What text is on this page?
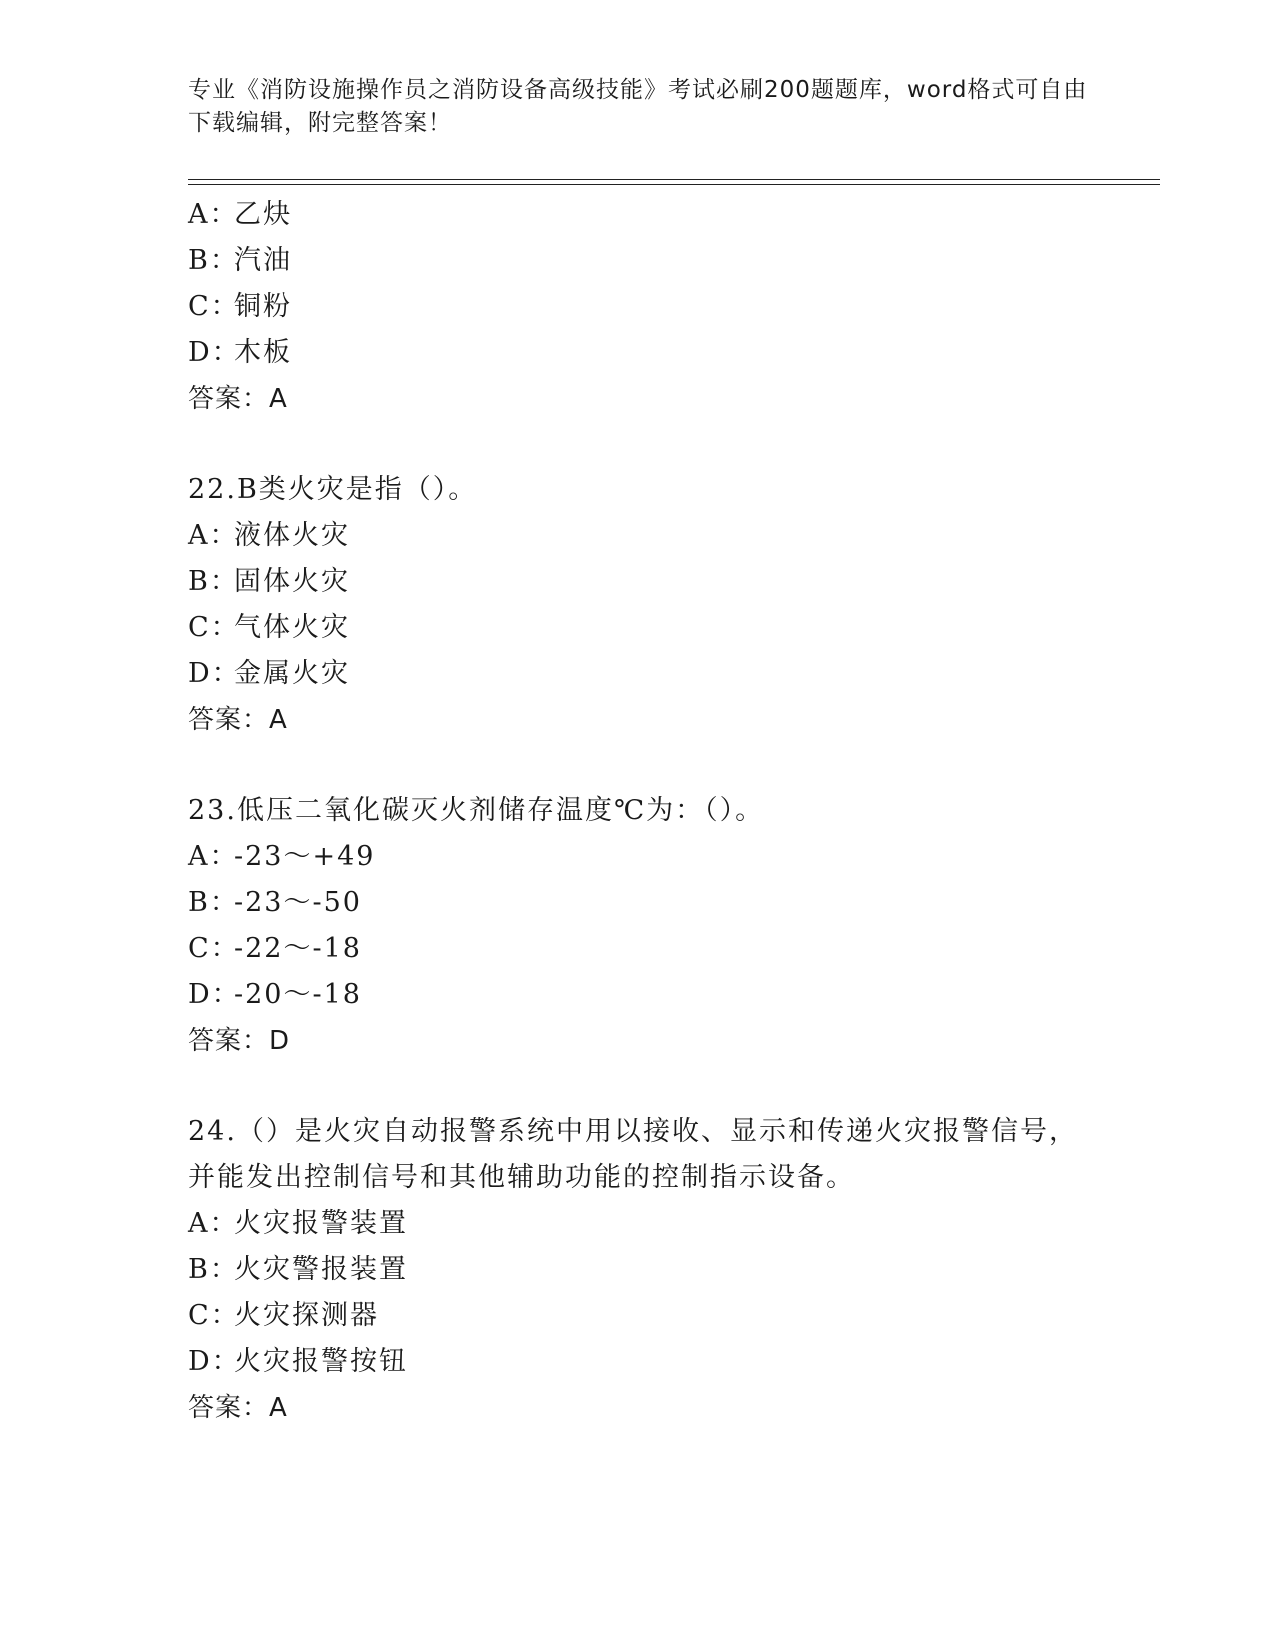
专业《消防设施操作员之消防设备高级技能》考试必刷200题题库，word格式可自由下载编辑，附完整答案！
A：乙炔
B：汽油
C：铜粉
D：木板
答案：A
22.B类火灾是指（）。
A：液体火灾
B：固体火灾
C：气体火灾
D：金属火灾
答案：A
23.低压二氧化碳灭火剂储存温度℃为：（）。
A：-23～+49
B：-23～-50
C：-22～-18
D：-20～-18
答案：D
24.（）是火灾自动报警系统中用以接收、显示和传递火灾报警信号，并能发出控制信号和其他辅助功能的控制指示设备。
A：火灾报警装置
B：火灾警报装置
C：火灾探测器
D：火灾报警按钮
答案：A
